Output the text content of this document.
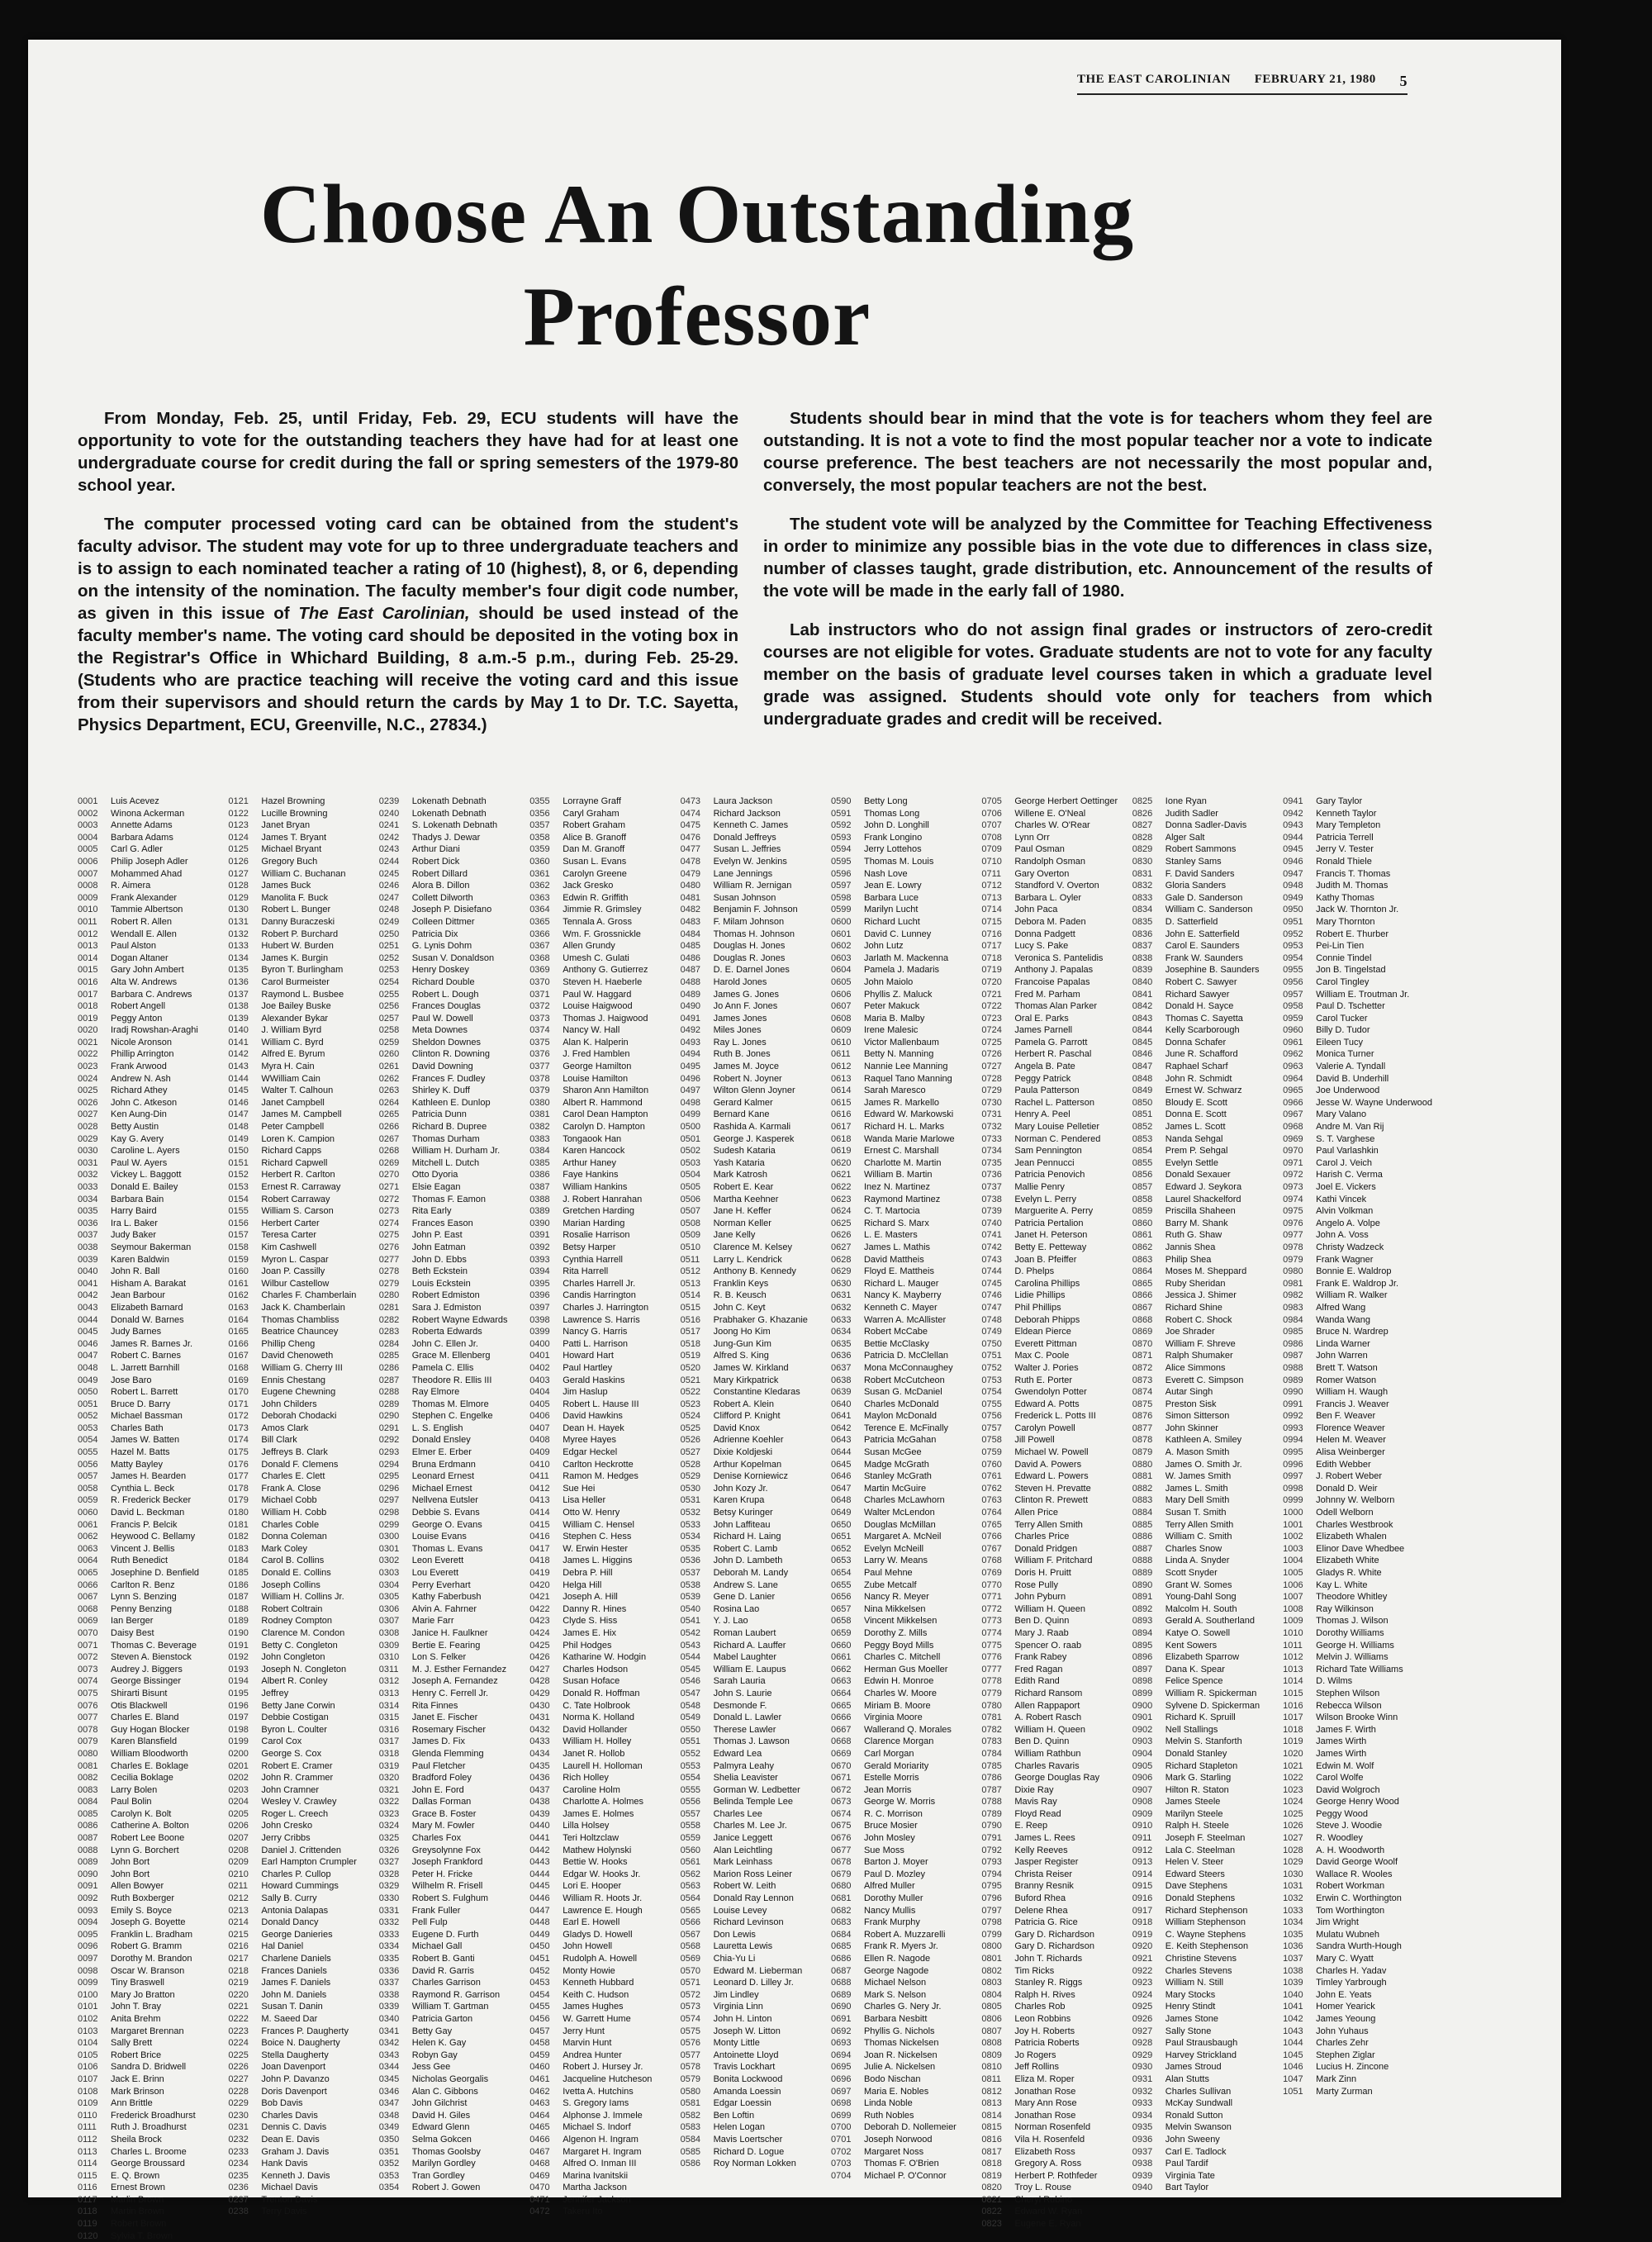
THE EAST CAROLINIAN FEBRUARY 21, 1980 5
Choose An Outstanding
Professor

From Monday, Feb. 25, until Friday, Feb. 29, ECU students will have the opportunity to vote for the outstanding teachers they have had for at least one undergraduate course for credit during the fall or spring semesters of the 1979-80 school year.

The computer processed voting card can be obtained from the student's faculty advisor. The student may vote for up to three undergraduate teachers and is to assign to each nominated teacher a rating of 10 (highest), 8, or 6, depending on the intensity of the nomination. The faculty member's four digit code number, as given in this issue of The East Carolinian, should be used instead of the faculty member's name. The voting card should be deposited in the voting box in the Registrar's Office in Whichard Building, 8 a.m.-5 p.m., during Feb. 25-29. (Students who are practice teaching will receive the voting card and this issue from their supervisors and should return the cards by May 1 to Dr. T.C. Sayetta, Physics Department, ECU, Greenville, N.C., 27834.)

Students should bear in mind that the vote is for teachers whom they feel are outstanding. It is not a vote to find the most popular teacher nor a vote to indicate course preference. The best teachers are not necessarily the most popular and, conversely, the most popular teachers are not the best.

The student vote will be analyzed by the Committee for Teaching Effectiveness in order to minimize any possible bias in the vote due to differences in class size, number of classes taught, grade distribution, etc. Announcement of the results of the vote will be made in the early fall of 1980.

Lab instructors who do not assign final grades or instructors of zero-credit courses are not eligible for votes. Graduate students are not to vote for any faculty member on the basis of graduate level courses taken in which a graduate level grade was assigned. Students should vote only for teachers from which undergraduate grades and credit will be received.

0001	Luis Acevez
0002	Winona Ackerman
0003	Annette Adams
0004	Barbara Adams
0005	Carl G. Adler
0006	Philip Joseph Adler
0007	Mohammed Ahad
0008	R. Aimera
0009	Frank Alexander
0010	Tammie Albertson
0011	Robert R. Allen
0012	Wendall E. Allen
0013	Paul Alston
0014	Dogan Altaner
0015	Gary John Ambert
0016	Alta W. Andrews
0017	Barbara C. Andrews
0018	Robert Angell
0019	Peggy Anton
0020	Iradj Rowshan-Araghi
0021	Nicole Aronson
0022	Phillip Arrington
0023	Frank Arwood
0024	Andrew N. Ash
0025	Richard Athey
0026	John C. Atkeson
0027	Ken Aung-Din
0028	Betty Austin
0029	Kay G. Avery
0030	Caroline L. Ayers
0031	Paul W. Ayers
0032	Vickey L. Baggott
0033	Donald E. Bailey
0034	Barbara Bain
0035	Harry Baird
0036	Ira L. Baker
0037	Judy Baker
0038	Seymour Bakerman
0039	Karen Baldwin
0040	John R. Ball
0041	Hisham A. Barakat
0042	Jean Barbour
0043	Elizabeth Barnard
0044	Donald W. Barnes
0045	Judy Barnes
0046	James R. Barnes Jr.
0047	Robert C. Barnes
0048	L. Jarrett Barnhill
0049	Jose Baro
0050	Robert L. Barrett
0051	Bruce D. Barry
0052	Michael Bassman
0053	Charles Bath
0054	James W. Batten
0055	Hazel M. Batts
0056	Matty Bayley
0057	James H. Bearden
0058	Cynthia L. Beck
0059	R. Frederick Becker
0060	David L. Beckman
0061	Francis P. Belcik
0062	Heywood C. Bellamy
0063	Vincent J. Bellis
0064	Ruth Benedict
0065	Josephine D. Benfield
0066	Carlton R. Benz
0067	Lynn S. Benzing
0068	Penny Benzing
0069	Ian Berger
0070	Daisy Best
0071	Thomas C. Beverage
0072	Steven A. Bienstock
0073	Audrey J. Biggers
0074	George Bissinger
0075	Shirarti Bisunt
0076	Otis Blackwell
0077	Charles E. Bland
0078	Guy Hogan Blocker
0079	Karen Blansfield
0080	William Bloodworth
0081	Charles E. Boklage
0082	Cecilia Boklage
0083	Larry Bolen
0084	Paul Bolin
0085	Carolyn K. Bolt
0086	Catherine A. Bolton
0087	Robert Lee Boone
0088	Lynn G. Borchert
0089	John Bort
0090	John Bort
0091	Allen Bowyer
0092	Ruth Boxberger
0093	Emily S. Boyce
0094	Joseph G. Boyette
0095	Franklin L. Bradham
0096	Robert G. Bramm
0097	Dorothy M. Brandon
0098	Oscar W. Branson
0099	Tiny Braswell
0100	Mary Jo Bratton
0101	John T. Bray
0102	Anita Brehm
0103	Margaret Brennan
0104	Sally Brett
0105	Robert Brice
0106	Sandra D. Bridwell
0107	Jack E. Brinn
0108	Mark Brinson
0109	Ann Brittle
0110	Frederick Broadhurst
0111	Ruth J. Broadhurst
0112	Sheila Brock
0113	Charles L. Broome
0114	George Broussard
0115	E. Q. Brown
0116	Ernest Brown
0117	Marlin Brown
0118	Martin Brown
0119	Robert Brown
0120	Sylvia T. Brown
0121	Hazel Browning
0122	Lucille Browning
0123	Janet Bryan
0124	James T. Bryant
0125	Michael Bryant
0126	Gregory Buch
0127	William C. Buchanan
0128	James Buck
0129	Manolita F. Buck
0130	Robert L. Bunger
0131	Danny Buraczeski
0132	Robert P. Burchard
0133	Hubert W. Burden
0134	James K. Burgin
0135	Byron T. Burlingham
0136	Carol Burmeister
0137	Raymond L. Busbee
0138	Joe Bailey Buske
0139	Alexander Bykar
0140	J. William Byrd
0141	William C. Byrd
0142	Alfred E. Byrum
0143	Myra H. Cain
0144	WWilliam Cain
0145	Walter T. Calhoun
0146	Janet Campbell
0147	James M. Campbell
0148	Peter Campbell
0149	Loren K. Campion
0150	Richard Capps
0151	Richard Capwell
0152	Herbert R. Carlton
0153	Ernest R. Carraway
0154	Robert Carraway
0155	William S. Carson
0156	Herbert Carter
0157	Teresa Carter
0158	Kim Cashwell
0159	Myron L. Caspar
0160	Joan P. Cassilly
0161	Wilbur Castellow
0162	Charles F. Chamberlain
0163	Jack K. Chamberlain
0164	Thomas Chambliss
0165	Beatrice Chauncey
0166	Phillip Cheng
0167	David Chenoweth
0168	William G. Cherry III
0169	Ennis Chestang
0170	Eugene Chewning
0171	John Childers
0172	Deborah Chodacki
0173	Amos Clark
0174	Bill Clark
0175	Jeffreys B. Clark
0176	Donald F. Clemens
0177	Charles E. Clett
0178	Frank A. Close
0179	Michael Cobb
0180	William H. Cobb
0181	Charles Coble
0182	Donna Coleman
0183	Mark Coley
0184	Carol B. Collins
0185	Donald E. Collins
0186	Joseph Collins
0187	William H. Collins Jr.
0188	Robert Coltrain
0189	Rodney Compton
0190	Clarence M. Condon
0191	Betty C. Congleton
0192	John Congleton
0193	Joseph N. Congleton
0194	Albert R. Conley
0195	Jeffrey
0196	Betty Jane Corwin
0197	Debbie Costigan
0198	Byron L. Coulter
0199	Carol Cox
0200	George S. Cox
0201	Robert E. Cramer
0202	John R. Crammer
0203	John Cramner
0204	Wesley V. Crawley
0205	Roger L. Creech
0206	John Cresko
0207	Jerry Cribbs
0208	Daniel J. Crittenden
0209	Earl Hampton Crumpler
0210	Charles P. Cullop
0211	Howard Cummings
0212	Sally B. Curry
0213	Antonia Dalapas
0214	Donald Dancy
0215	George Danieries
0216	Hal Daniel
0217	Charlene Daniels
0218	Frances Daniels
0219	James F. Daniels
0220	John M. Daniels
0221	Susan T. Danin
0222	M. Saeed Dar
0223	Frances P. Daugherty
0224	Boice N. Daugherty
0225	Stella Daugherty
0226	Joan Davenport
0227	John P. Davanzo
0228	Doris Davenport
0229	Bob Davis
0230	Charles Davis
0231	Dennis C. Davis
0232	Dean E. Davis
0233	Graham J. Davis
0234	Hank Davis
0235	Kenneth J. Davis
0236	Michael Davis
0237	Trenton Davis
0238	Terry Davis
0239	Lokenath Debnath
0240	Lokenath Debnath
0241	S. Lokenath Debnath
0242	Thadys J. Dewar
0243	Arthur Diani
0244	Robert Dick
0245	Robert Dillard
0246	Alora B. Dillon
0247	Collett Dilworth
0248	Joseph P. Disiefano
0249	Colleen Dittmer
0250	Patricia Dix
0251	G. Lynis Dohm
0252	Susan V. Donaldson
0253	Henry Doskey
0254	Richard Double
0255	Robert L. Dough
0256	Frances Douglas
0257	Paul W. Dowell
0258	Meta Downes
0259	Sheldon Downes
0260	Clinton R. Downing
0261	David Downing
0262	Frances F. Dudley
0263	Shirley K. Duff
0264	Kathleen E. Dunlop
0265	Patricia Dunn
0266	Richard B. Dupree
0267	Thomas Durham
0268	William H. Durham Jr.
0269	Mitchell L. Dutch
0270	Otto Dyoria
0271	Elsie Eagan
0272	Thomas F. Eamon
0273	Rita Early
0274	Frances Eason
0275	John P. East
0276	John Eatman
0277	John D. Ebbs
0278	Beth Eckstein
0279	Louis Eckstein
0280	Robert Edmiston
0281	Sara J. Edmiston
0282	Robert Wayne Edwards
0283	Roberta Edwards
0284	John C. Ellen Jr.
0285	Grace M. Ellenberg
0286	Pamela C. Ellis
0287	Theodore R. Ellis III
0288	Ray Elmore
0289	Thomas M. Elmore
0290	Stephen C. Engelke
0291	L. S. English
0292	Donald Ensley
0293	Elmer E. Erber
0294	Bruna Erdmann
0295	Leonard Ernest
0296	Michael Ernest
0297	Nellvena Eutsler
0298	Debbie S. Evans
0299	George O. Evans
0300	Louise Evans
0301	Thomas L. Evans
0302	Leon Everett
0303	Lou Everett
0304	Perry Everhart
0305	Kathy Faberbush
0306	Alvin A. Fahrner
0307	Marie Farr
0308	Janice H. Faulkner
0309	Bertie E. Fearing
0310	Lon S. Felker
0311	M. J. Esther Fernandez
0312	Joseph A. Fernandez
0313	Henry C. Ferrell Jr.
0314	Rita Finnes
0315	Janet E. Fischer
0316	Rosemary Fischer
0317	James D. Fix
0318	Glenda Flemming
0319	Paul Fletcher
0320	Bradford Foley
0321	John E. Ford
0322	Dallas Forman
0323	Grace B. Foster
0324	Mary M. Fowler
0325	Charles Fox
0326	Greysolynne Fox
0327	Joseph Frankford
0328	Peter H. Fricke
0329	Wilhelm R. Frisell
0330	Robert S. Fulghum
0331	Frank Fuller
0332	Pell Fulp
0333	Eugene D. Furth
0334	Michael Gall
0335	Robert B. Ganti
0336	David R. Garris
0337	Charles Garrison
0338	Raymond R. Garrison
0339	William T. Gartman
0340	Patricia Garton
0341	Betty Gay
0342	Helen K. Gay
0343	Robyn Gay
0344	Jess Gee
0345	Nicholas Georgalis
0346	Alan C. Gibbons
0347	John Gilchrist
0348	David H. Giles
0349	Edward Glenn
0350	Selma Gokcen
0351	Thomas Goolsby
0352	Marilyn Gordley
0353	Tran Gordley
0354	Robert J. Gowen
0355	Lorrayne Graff
0356	Caryl Graham
0357	Robert Graham
0358	Alice B. Granoff
0359	Dan M. Granoff
0360	Susan L. Evans
0361	Carolyn Greene
0362	Jack Gresko
0363	Edwin R. Griffith
0364	Jimmie R. Grimsley
0365	Tennala A. Gross
0366	Wm. F. Grossnickle
0367	Allen Grundy
0368	Umesh C. Gulati
0369	Anthony G. Gutierrez
0370	Steven H. Haeberle
0371	Paul W. Haggard
0372	Louise Haigwood
0373	Thomas J. Haigwood
0374	Nancy W. Hall
0375	Alan K. Halperin
0376	J. Fred Hamblen
0377	George Hamilton
0378	Louise Hamilton
0379	Sharon Ann Hamilton
0380	Albert R. Hammond
0381	Carol Dean Hampton
0382	Carolyn D. Hampton
0383	Tongaook Han
0384	Karen Hancock
0385	Arthur Haney
0386	Faye Hankins
0387	William Hankins
0388	J. Robert Hanrahan
0389	Gretchen Harding
0390	Marian Harding
0391	Rosalie Harrison
0392	Betsy Harper
0393	Cynthia Harrell
0394	Rita Harrell
0395	Charles Harrell Jr.
0396	Candis Harrington
0397	Charles J. Harrington
0398	Lawrence S. Harris
0399	Nancy G. Harris
0400	Patti L. Harrison
0401	Howard Hart
0402	Paul Hartley
0403	Gerald Haskins
0404	Jim Haslup
0405	Robert L. Hause III
0406	David Hawkins
0407	Dean H. Hayek
0408	Myree Hayes
0409	Edgar Heckel
0410	Carlton Heckrotte
0411	Ramon M. Hedges
0412	Sue Hei
0413	Lisa Heller
0414	Otto W. Henry
0415	William C. Hensel
0416	Stephen C. Hess
0417	W. Erwin Hester
0418	James L. Higgins
0419	Debra P. Hill
0420	Helga Hill
0421	Joseph A. Hill
0422	Danny R. Hines
0423	Clyde S. Hiss
0424	James E. Hix
0425	Phil Hodges
0426	Katharine W. Hodgin
0427	Charles Hodson
0428	Susan Hoface
0429	Donald R. Hoffman
0430	C. Tate Holbrook
0431	Norma K. Holland
0432	David Hollander
0433	William H. Holley
0434	Janet R. Hollob
0435	Laurell H. Holloman
0436	Rich Holley
0437	Caroline Holm
0438	Charlotte A. Holmes
0439	James E. Holmes
0440	Lilla Holsey
0441	Teri Holtzclaw
0442	Mathew Holynski
0443	Bettie W. Hooks
0444	Edgar W. Hooks Jr.
0445	Lori E. Hooper
0446	William R. Hoots Jr.
0447	Lawrence E. Hough
0448	Earl E. Howell
0449	Gladys D. Howell
0450	John Howell
0451	Rudolph A. Howell
0452	Monty Howie
0453	Kenneth Hubbard
0454	Keith C. Hudson
0455	James Hughes
0456	W. Garrett Hume
0457	Jerry Hunt
0458	Marvin Hunt
0459	Andrea Hunter
0460	Robert J. Hursey Jr.
0461	Jacqueline Hutcheson
0462	Ivetta A. Hutchins
0463	S. Gregory Iams
0464	Alphonse J. Immele
0465	Michael S. Indorf
0466	Algenon H. Ingram
0467	Margaret H. Ingram
0468	Alfred O. Inman III
0469	Marina Ivanitskii
0470	Martha Jackson
0471	Jennifer Jackson
0472	Takeru Ito
0473	Laura Jackson
0474	Richard Jackson
0475	Kenneth C. James
0476	Donald Jeffreys
0477	Susan L. Jeffries
0478	Evelyn W. Jenkins
0479	Lane Jennings
0480	William R. Jernigan
0481	Susan Johnson
0482	Benjamin F. Johnson
0483	F. Milam Johnson
0484	Thomas H. Johnson
0485	Douglas H. Jones
0486	Douglas R. Jones
0487	D. E. Darnel Jones
0488	Harold Jones
0489	James G. Jones
0490	Jo Ann F. Jones
0491	James Jones
0492	Miles Jones
0493	Ray L. Jones
0494	Ruth B. Jones
0495	James M. Joyce
0496	Robert N. Joyner
0497	Wilton Glenn Joyner
0498	Gerard Kalmer
0499	Bernard Kane
0500	Rashida A. Karmali
0501	George J. Kasperek
0502	Sudesh Kataria
0503	Yash Kataria
0504	Mark Katrosh
0505	Robert E. Kear
0506	Martha Keehner
0507	Jane H. Keffer
0508	Norman Keller
0509	Jane Kelly
0510	Clarence M. Kelsey
0511	Larry L. Kendrick
0512	Anthony B. Kennedy
0513	Franklin Keys
0514	R. B. Keusch
0515	John C. Keyt
0516	Prabhaker G. Khazanie
0517	Joong Ho Kim
0518	Jung-Gun Kim
0519	Alfred S. King
0520	James W. Kirkland
0521	Mary Kirkpatrick
0522	Constantine Kledaras
0523	Robert A. Klein
0524	Clifford P. Knight
0525	David Knox
0526	Adrienne Koehler
0527	Dixie Koldjeski
0528	Arthur Kopelman
0529	Denise Korniewicz
0530	John Kozy Jr.
0531	Karen Krupa
0532	Betsy Kuringer
0533	John Laffiteau
0534	Richard H. Laing
0535	Robert C. Lamb
0536	John D. Lambeth
0537	Deborah M. Landy
0538	Andrew S. Lane
0539	Gene D. Lanier
0540	Rosina Lao
0541	Y. J. Lao
0542	Roman Laubert
0543	Richard A. Lauffer
0544	Mabel Laughter
0545	William E. Laupus
0546	Sarah Lauria
0547	John S. Laurie
0548	Desmonde F.
0549	Donald L. Lawler
0550	Therese Lawler
0551	Thomas J. Lawson
0552	Edward Lea
0553	Palmyra Leahy
0554	Shelia Leavister
0555	Gorman W. Ledbetter
0556	Belinda Temple Lee
0557	Charles Lee
0558	Charles M. Lee Jr.
0559	Janice Leggett
0560	Alan Leichtling
0561	Mark Leinhass
0562	Marion Ross Leiner
0563	Robert W. Leith
0564	Donald Ray Lennon
0565	Louise Levey
0566	Richard Levinson
0567	Don Lewis
0568	Lauretta Lewis
0569	Chia-Yu Li
0570	Edward M. Lieberman
0571	Leonard D. Lilley Jr.
0572	Jim Lindley
0573	Virginia Linn
0574	John H. Linton
0575	Joseph W. Litton
0576	Monty Little
0577	Antoinette Lloyd
0578	Travis Lockhart
0579	Bonita Lockwood
0580	Amanda Loessin
0581	Edgar Loessin
0582	Ben Loftin
0583	Helen Logan
0584	Mavis Loertscher
0585	Richard D. Logue
0586	Roy Norman Lokken
0590	Betty Long
0591	Thomas Long
0592	John D. Longhill
0593	Frank Longino
0594	Jerry Lottehos
0595	Thomas M. Louis
0596	Nash Love
0597	Jean E. Lowry
0598	Barbara Luce
0599	Marilyn Lucht
0600	Richard Lucht
0601	David C. Lunney
0602	John Lutz
0603	Jarlath M. Mackenna
0604	Pamela J. Madaris
0605	John Maiolo
0606	Phyllis Z. Maluck
0607	Peter Makuck
0608	Maria B. Malby
0609	Irene Malesic
0610	Victor Mallenbaum
0611	Betty N. Manning
0612	Nannie Lee Manning
0613	Raquel Tano Manning
0614	Sarah Maresco
0615	James R. Markello
0616	Edward W. Markowski
0617	Richard H. L. Marks
0618	Wanda Marie Marlowe
0619	Ernest C. Marshall
0620	Charlotte M. Martin
0621	William B. Martin
0622	Inez N. Martinez
0623	Raymond Martinez
0624	C. T. Martocia
0625	Richard S. Marx
0626	L. E. Masters
0627	James L. Mathis
0628	David Mattheis
0629	Floyd E. Mattheis
0630	Richard L. Mauger
0631	Nancy K. Mayberry
0632	Kenneth C. Mayer
0633	Warren A. McAllister
0634	Robert McCabe
0635	Bettie McClasky
0636	Patricia D. McClellan
0637	Mona McConnaughey
0638	Robert McCutcheon
0639	Susan G. McDaniel
0640	Charles McDonald
0641	Maylon McDonald
0642	Terence E. McFinally
0643	Patricia McGahan
0644	Susan McGee
0645	Madge McGrath
0646	Stanley McGrath
0647	Martin McGuire
0648	Charles McLawhorn
0649	Walter McLendon
0650	Douglas McMillan
0651	Margaret A. McNeil
0652	Evelyn McNeill
0653	Larry W. Means
0654	Paul Mehne
0655	Zube Metcalf
0656	Nancy R. Meyer
0657	Nina Mikkelsen
0658	Vincent Mikkelsen
0659	Dorothy Z. Mills
0660	Peggy Boyd Mills
0661	Charles C. Mitchell
0662	Herman Gus Moeller
0663	Edwin H. Monroe
0664	Charles W. Moore
0665	Miriam B. Moore
0666	Virginia Moore
0667	Wallerand Q. Morales
0668	Clarence Morgan
0669	Carl Morgan
0670	Gerald Moriarity
0671	Estelle Morris
0672	Jean Morris
0673	George W. Morris
0674	R. C. Morrison
0675	Bruce Mosier
0676	John Mosley
0677	Sue Moss
0678	Barton J. Moyer
0679	Paul D. Mozley
0680	Alfred Muller
0681	Dorothy Muller
0682	Nancy Mullis
0683	Frank Murphy
0684	Robert A. Muzzarelli
0685	Frank R. Myers Jr.
0686	Ellen R. Nagode
0687	George Nagode
0688	Michael Nelson
0689	Mark S. Nelson
0690	Charles G. Nery Jr.
0691	Barbara Nesbitt
0692	Phyllis G. Nichols
0693	Thomas Nickelsen
0694	Joan R. Nickelsen
0695	Julie A. Nickelsen
0696	Bodo Nischan
0697	Maria E. Nobles
0698	Linda Noble
0699	Ruth Nobles
0700	Deborah D. Nollemeier
0701	Joseph Norwood
0702	Margaret Noss
0703	Thomas F. O'Brien
0704	Michael P. O'Connor
0705	George Herbert Oettinger
0706	Willene E. O'Neal
0707	Charles W. O'Rear
0708	Lynn Orr
0709	Paul Osman
0710	Randolph Osman
0711	Gary Overton
0712	Standford V. Overton
0713	Barbara L. Oyler
0714	John Paca
0715	Debora M. Paden
0716	Donna Padgett
0717	Lucy S. Pake
0718	Veronica S. Pantelidis
0719	Anthony J. Papalas
0720	Francoise Papalas
0721	Fred M. Parham
0722	Thomas Alan Parker
0723	Oral E. Parks
0724	James Parnell
0725	Pamela G. Parrott
0726	Herbert R. Paschal
0727	Angela B. Pate
0728	Peggy Patrick
0729	Paula Patterson
0730	Rachel L. Patterson
0731	Henry A. Peel
0732	Mary Louise Pelletier
0733	Norman C. Pendered
0734	Sam Pennington
0735	Jean Pennucci
0736	Patricia Penovich
0737	Mallie Penry
0738	Evelyn L. Perry
0739	Marguerite A. Perry
0740	Patricia Pertalion
0741	Janet H. Peterson
0742	Betty E. Petteway
0743	Joan B. Pfeiffer
0744	D. Phelps
0745	Carolina Phillips
0746	Lidie Phillips
0747	Phil Phillips
0748	Deborah Phipps
0749	Eldean Pierce
0750	Everett Pittman
0751	Max C. Poole
0752	Walter J. Pories
0753	Ruth E. Porter
0754	Gwendolyn Potter
0755	Edward A. Potts
0756	Frederick L. Potts III
0757	Carolyn Powell
0758	Jill Powell
0759	Michael W. Powell
0760	David A. Powers
0761	Edward L. Powers
0762	Steven H. Prevatte
0763	Clinton R. Prewett
0764	Allen Price
0765	Terry Allen Smith
0766	Charles Price
0767	Donald Pridgen
0768	William F. Pritchard
0769	Doris H. Pruitt
0770	Rose Pully
0771	John Pyburn
0772	William H. Queen
0773	Ben D. Quinn
0774	Mary J. Raab
0775	Spencer O. raab
0776	Frank Rabey
0777	Fred Ragan
0778	Edith Rand
0779	Richard Ransom
0780	Allen Rappaport
0781	A. Robert Rasch
0782	William H. Queen
0783	Ben D. Quinn
0784	William Rathbun
0785	Charles Ravaris
0786	George Douglas Ray
0787	Dixie Ray
0788	Mavis Ray
0789	Floyd Read
0790	E. Reep
0791	James L. Rees
0792	Kelly Reeves
0793	Jasper Register
0794	Christa Reiser
0795	Branny Resnik
0796	Buford Rhea
0797	Delene Rhea
0798	Patricia G. Rice
0799	Gary D. Richardson
0800	Gary D. Richardson
0801	John T. Richards
0802	Tim Ricks
0803	Stanley R. Riggs
0804	Ralph H. Rives
0805	Charles Rob
0806	Leon Robbins
0807	Joy H. Roberts
0808	Patricia Roberts
0809	Jo Rogers
0810	Jeff Rollins
0811	Eliza M. Roper
0812	Jonathan Rose
0813	Mary Ann Rose
0814	Jonathan Rose
0815	Norman Rosenfeld
0816	Vila H. Rosenfeld
0817	Elizabeth Ross
0818	Gregory A. Ross
0819	Herbert P. Rothfeder
0820	Troy L. Rouse
0821	Cheryl Rubino
0822	Edward W. Ryan
0823	Eugene E. Ryan
0825	Ione Ryan
0826	Judith Sadler
0827	Donna Sadler-Davis
0828	Alger Salt
0829	Robert Sammons
0830	Stanley Sams
0831	F. David Sanders
0832	Gloria Sanders
0833	Gale D. Sanderson
0834	William C. Sanderson
0835	D. Satterfield
0836	John E. Satterfield
0837	Carol E. Saunders
0838	Frank W. Saunders
0839	Josephine B. Saunders
0840	Robert C. Sawyer
0841	Richard Sawyer
0842	Donald H. Sayce
0843	Thomas C. Sayetta
0844	Kelly Scarborough
0845	Donna Schafer
0846	June R. Schafford
0847	Raphael Scharf
0848	John R. Schmidt
0849	Ernest W. Schwarz
0850	Bloudy E. Scott
0851	Donna E. Scott
0852	James L. Scott
0853	Nanda Sehgal
0854	Prem P. Sehgal
0855	Evelyn Settle
0856	Donald Sexauer
0857	Edward J. Seykora
0858	Laurel Shackelford
0859	Priscilla Shaheen
0860	Barry M. Shank
0861	Ruth G. Shaw
0862	Jannis Shea
0863	Philip Shea
0864	Moses M. Sheppard
0865	Ruby Sheridan
0866	Jessica J. Shimer
0867	Richard Shine
0868	Robert C. Shock
0869	Joe Shrader
0870	William F. Shreve
0871	Ralph Shumaker
0872	Alice Simmons
0873	Everett C. Simpson
0874	Autar Singh
0875	Preston Sisk
0876	Simon Sitterson
0877	John Skinner
0878	Kathleen A. Smiley
0879	A. Mason Smith
0880	James O. Smith Jr.
0881	W. James Smith
0882	James L. Smith
0883	Mary Dell Smith
0884	Susan T. Smith
0885	Terry Allen Smith
0886	William C. Smith
0887	Charles Snow
0888	Linda A. Snyder
0889	Scott Snyder
0890	Grant W. Somes
0891	Young-Dahl Song
0892	Malcolm H. South
0893	Gerald A. Southerland
0894	Katye O. Sowell
0895	Kent Sowers
0896	Elizabeth Sparrow
0897	Dana K. Spear
0898	Felice Spence
0899	William R. Spickerman
0900	Sylvene D. Spickerman
0901	Richard K. Spruill
0902	Nell Stallings
0903	Melvin S. Stanforth
0904	Donald Stanley
0905	Richard Stapleton
0906	Mark G. Starling
0907	Hilton R. Staton
0908	James Steele
0909	Marilyn Steele
0910	Ralph H. Steele
0911	Joseph F. Steelman
0912	Lala C. Steelman
0913	Helen V. Steer
0914	Edward Steers
0915	Dave Stephens
0916	Donald Stephens
0917	Richard Stephenson
0918	William Stephenson
0919	C. Wayne Stephens
0920	E. Keith Stephenson
0921	Christine Stevens
0922	Charles Stevens
0923	William N. Still
0924	Mary Stocks
0925	Henry Stindt
0926	James Stone
0927	Sally Stone
0928	Paul Strausbaugh
0929	Harvey Strickland
0930	James Stroud
0931	Alan Stutts
0932	Charles Sullivan
0933	McKay Sundwall
0934	Ronald Sutton
0935	Melvin Swanson
0936	John Sweeny
0937	Carl E. Tadlock
0938	Paul Tardif
0939	Virginia Tate
0940	Bart Taylor
0941	Gary Taylor
0942	Kenneth Taylor
0943	Mary Templeton
0944	Patricia Terrell
0945	Jerry V. Tester
0946	Ronald Thiele
0947	Francis T. Thomas
0948	Judith M. Thomas
0949	Kathy Thomas
0950	Jack W. Thornton Jr.
0951	Mary Thornton
0952	Robert E. Thurber
0953	Pei-Lin Tien
0954	Connie Tindel
0955	Jon B. Tingelstad
0956	Carol Tingley
0957	William E. Troutman Jr.
0958	Paul D. Tschetter
0959	Carol Tucker
0960	Billy D. Tudor
0961	Eileen Tucy
0962	Monica Turner
0963	Valerie A. Tyndall
0964	David B. Underhill
0965	Joe Underwood
0966	Jesse W. Wayne Underwood
0967	Mary Valano
0968	Andre M. Van Rij
0969	S. T. Varghese
0970	Paul Varlashkin
0971	Carol J. Veich
0972	Harish C. Verma
0973	Joel E. Vickers
0974	Kathi Vincek
0975	Alvin Volkman
0976	Angelo A. Volpe
0977	John A. Voss
0978	Christy Wadzeck
0979	Frank Wagner
0980	Bonnie E. Waldrop
0981	Frank E. Waldrop Jr.
0982	William R. Walker
0983	Alfred Wang
0984	Wanda Wang
0985	Bruce N. Wardrep
0986	Linda Warner
0987	John Warren
0988	Brett T. Watson
0989	Romer Watson
0990	William H. Waugh
0991	Francis J. Weaver
0992	Ben F. Weaver
0993	Florence Weaver
0994	Helen M. Weaver
0995	Alisa Weinberger
0996	Edith Webber
0997	J. Robert Weber
0998	Donald D. Weir
0999	Johnny W. Welborn
1000	Odell Welborn
1001	Charles Westbrook
1002	Elizabeth Whalen
1003	Elinor Dave Whedbee
1004	Elizabeth White
1005	Gladys R. White
1006	Kay L. White
1007	Theodore Whitley
1008	Ray Wilkinson
1009	Thomas J. Wilson
1010	Dorothy Williams
1011	George H. Williams
1012	Melvin J. Williams
1013	Richard Tate Williams
1014	D. Wilms
1015	Stephen Wilson
1016	Rebecca Wilson
1017	Wilson Brooke Winn
1018	James F. Wirth
1019	James Wirth
1020	James Wirth
1021	Edwin M. Wolf
1022	Carol Wolfe
1023	David Wolgroch
1024	George Henry Wood
1025	Peggy Wood
1026	Steve J. Woodie
1027	R. Woodley
1028	A. H. Woodworth
1029	David George Woolf
1030	Wallace R. Wooles
1031	Robert Workman
1032	Erwin C. Worthington
1033	Tom Worthington
1034	Jim Wright
1035	Mulatu Wubneh
1036	Sandra Wurth-Hough
1037	Mary C. Wyatt
1038	Charles H. Yadav
1039	Timley Yarbrough
1040	John E. Yeats
1041	Homer Yearick
1042	James Yeoung
1043	John Yuhaus
1044	Charles Zehr
1045	Stephen Ziglar
1046	Lucius H. Zincone
1047	Mark Zinn
1051	Marty Zurman
